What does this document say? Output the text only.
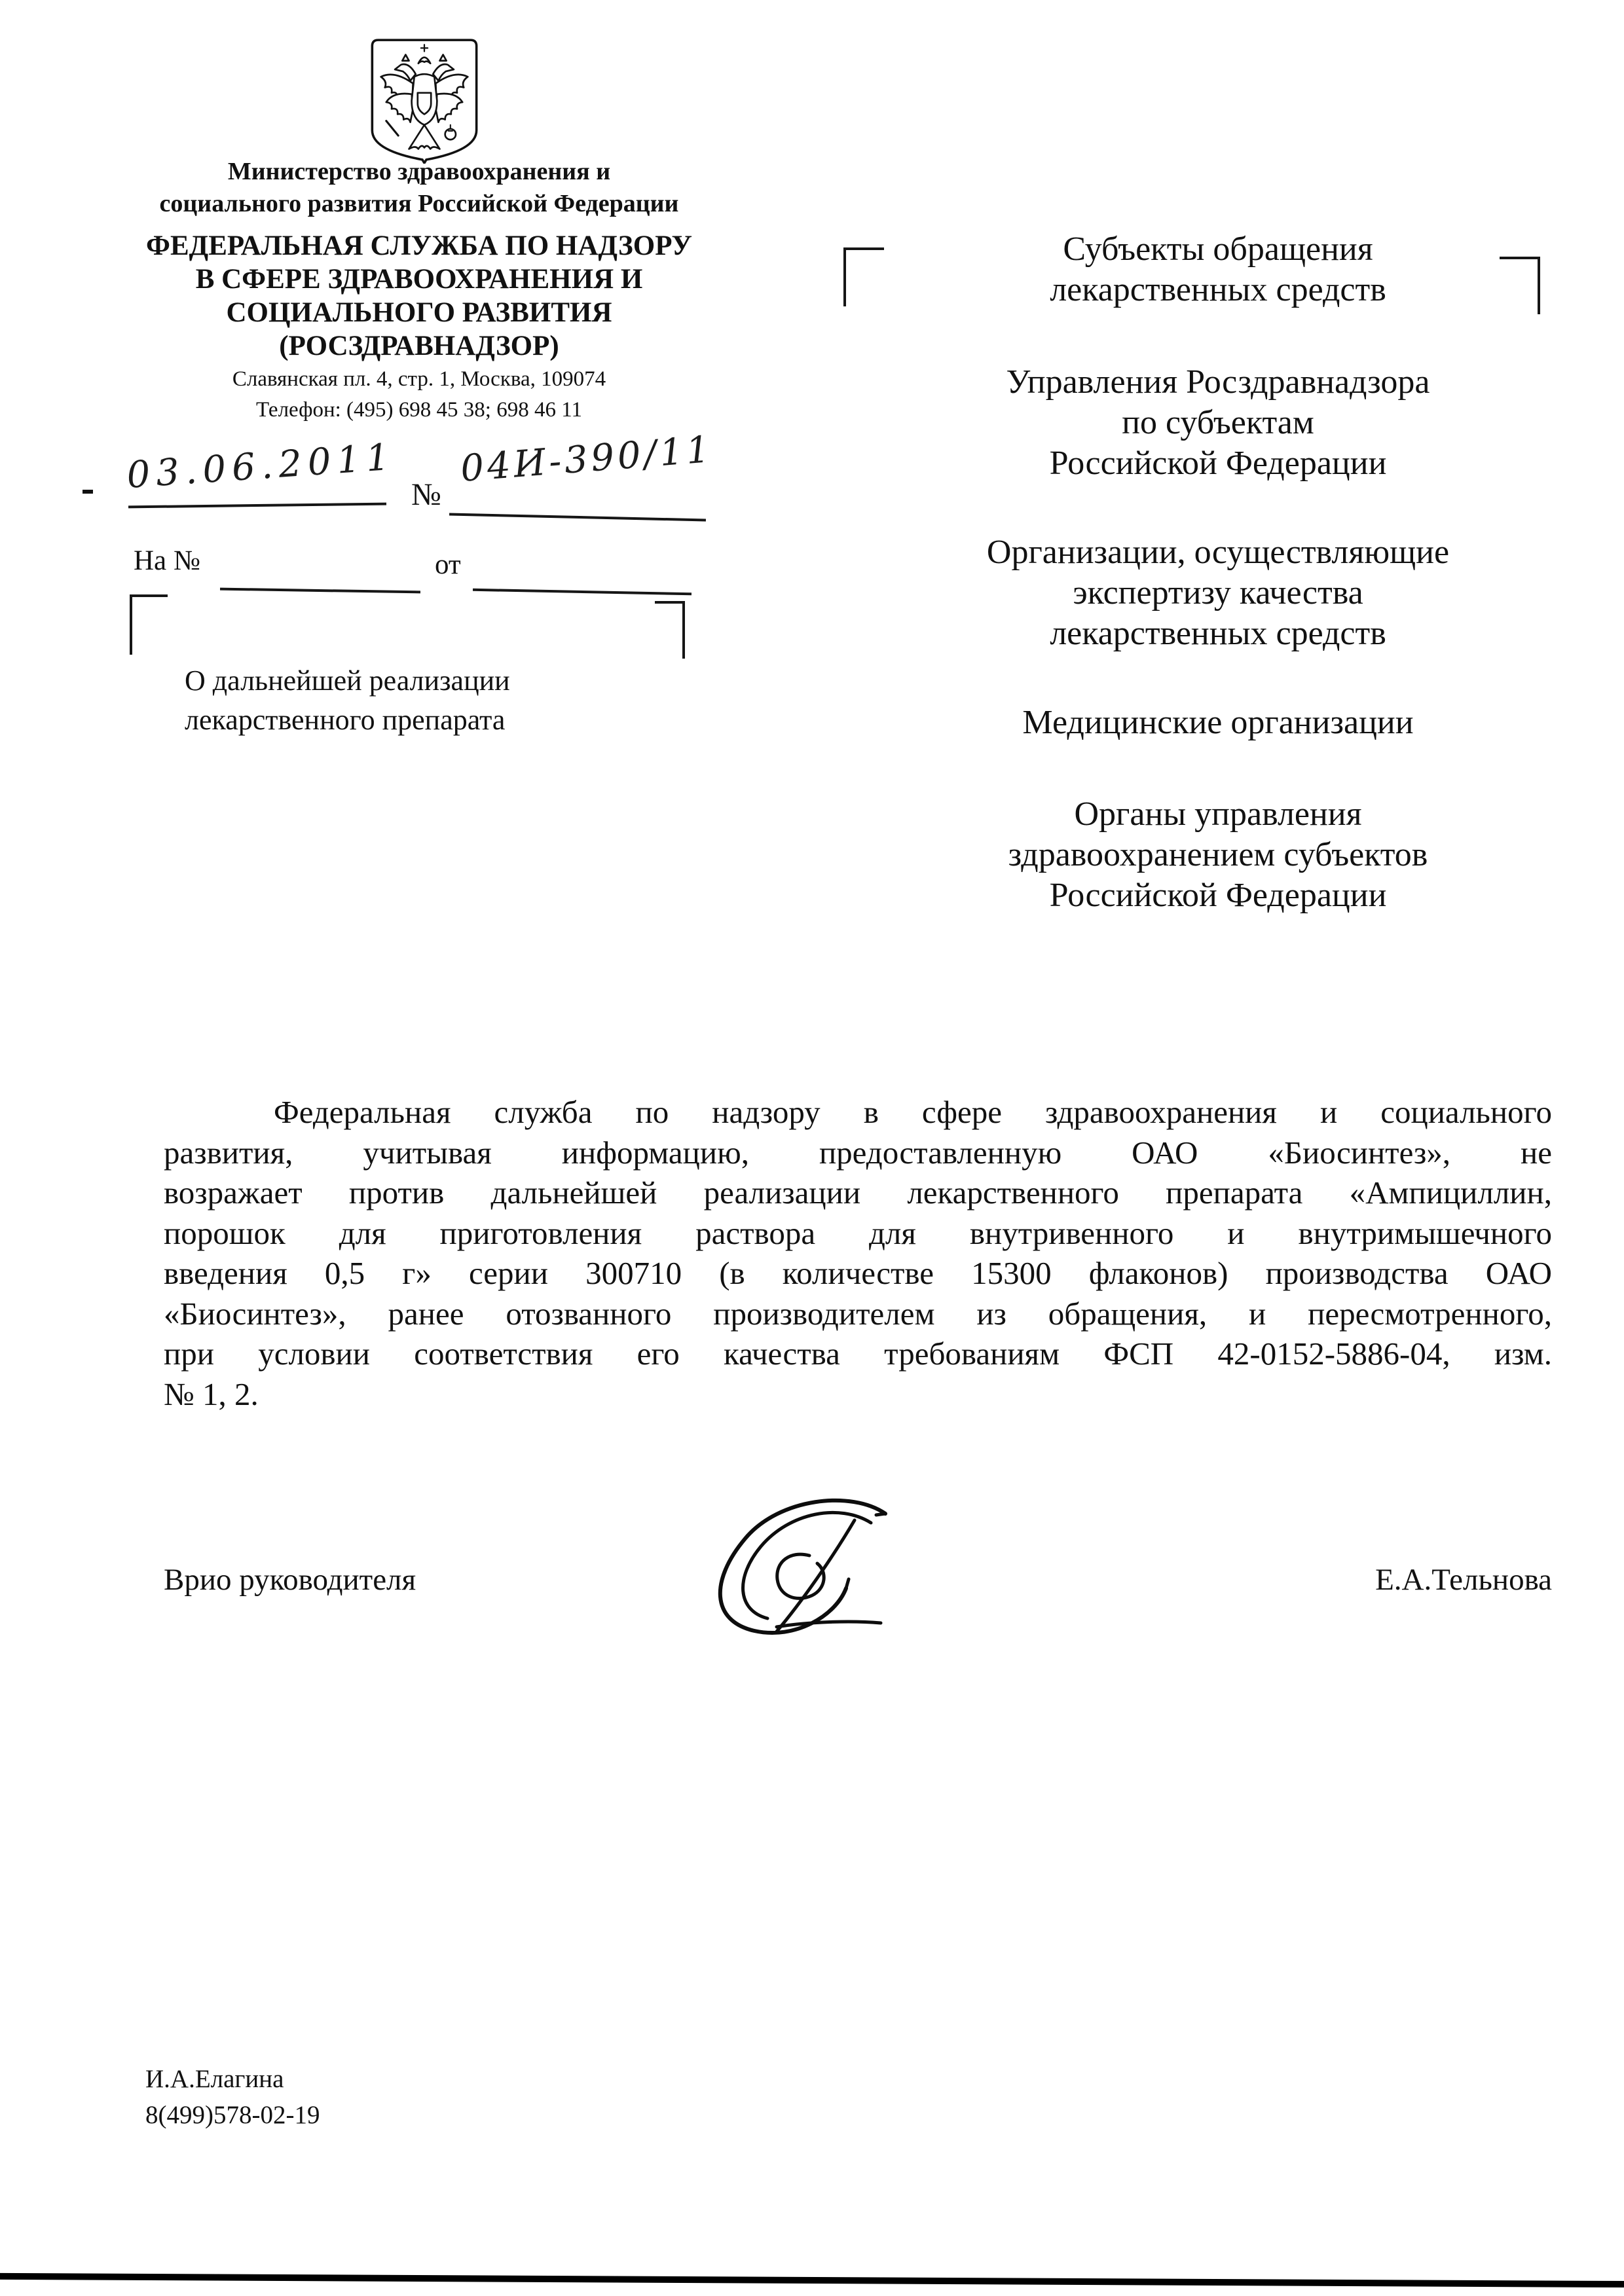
Министерство здравоохранения и
социального развития Российской Федерации
ФЕДЕРАЛЬНАЯ СЛУЖБА ПО НАДЗОРУ
В СФЕРЕ ЗДРАВООХРАНЕНИЯ И
СОЦИАЛЬНОГО РАЗВИТИЯ
(РОСЗДРАВНАДЗОР)
Славянская пл. 4, стр. 1, Москва, 109074
Телефон: (495) 698 45 38; 698 46 11
03.06.2011 №
04И-390/11
На №	от
О дальнейшей реализации
лекарственного препарата
Субъекты обращения
лекарственных средств
Управления Росздравнадзора
по субъектам
Российской Федерации
Организации, осуществляющие
экспертизу качества
лекарственных средств
Медицинские организации
Органы управления
здравоохранением субъектов
Российской Федерации
Федеральная служба по надзору в сфере здравоохранения и социального
развития, учитывая информацию, предоставленную ОАО «Биосинтез», не
возражает против дальнейшей реализации лекарственного препарата «Ампициллин,
порошок для приготовления раствора для внутривенного и внутримышечного
введения 0,5 г» серии 300710 (в количестве 15300 флаконов) производства ОАО
«Биосинтез», ранее отозванного производителем из обращения, и пересмотренного,
при условии соответствия его качества требованиям ФСП 42-0152-5886-04, изм.
№ 1, 2.
Врио руководителя	Е.А.Тельнова
И.А.Елагина
8(499)578-02-19
